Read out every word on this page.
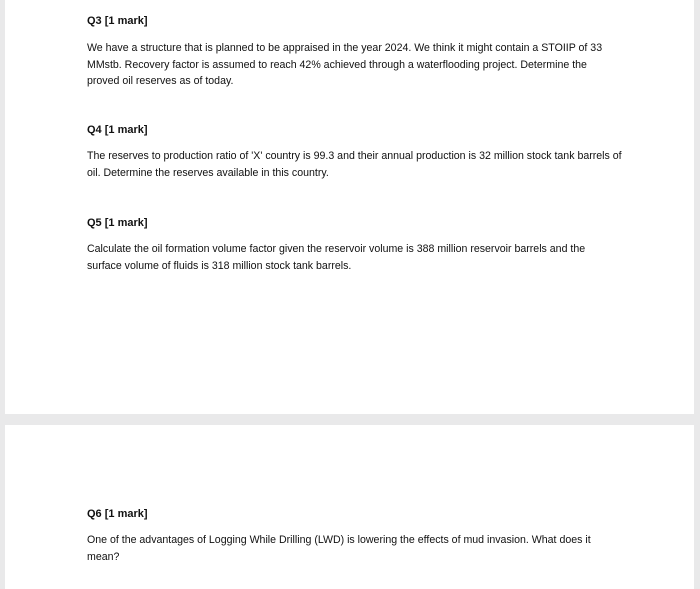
Q3 [1 mark]

We have a structure that is planned to be appraised in the year 2024. We think it might contain a STOIIP of 33 MMstb. Recovery factor is assumed to reach 42% achieved through a waterflooding project. Determine the proved oil reserves as of today.

Q4 [1 mark]

The reserves to production ratio of 'X' country is 99.3 and their annual production is 32 million stock tank barrels of oil. Determine the reserves available in this country.

Q5 [1 mark]

Calculate the oil formation volume factor given the reservoir volume is 388 million reservoir barrels and the surface volume of fluids is 318 million stock tank barrels.

Q6 [1 mark]

One of the advantages of Logging While Drilling (LWD) is lowering the effects of mud invasion. What does it mean?
